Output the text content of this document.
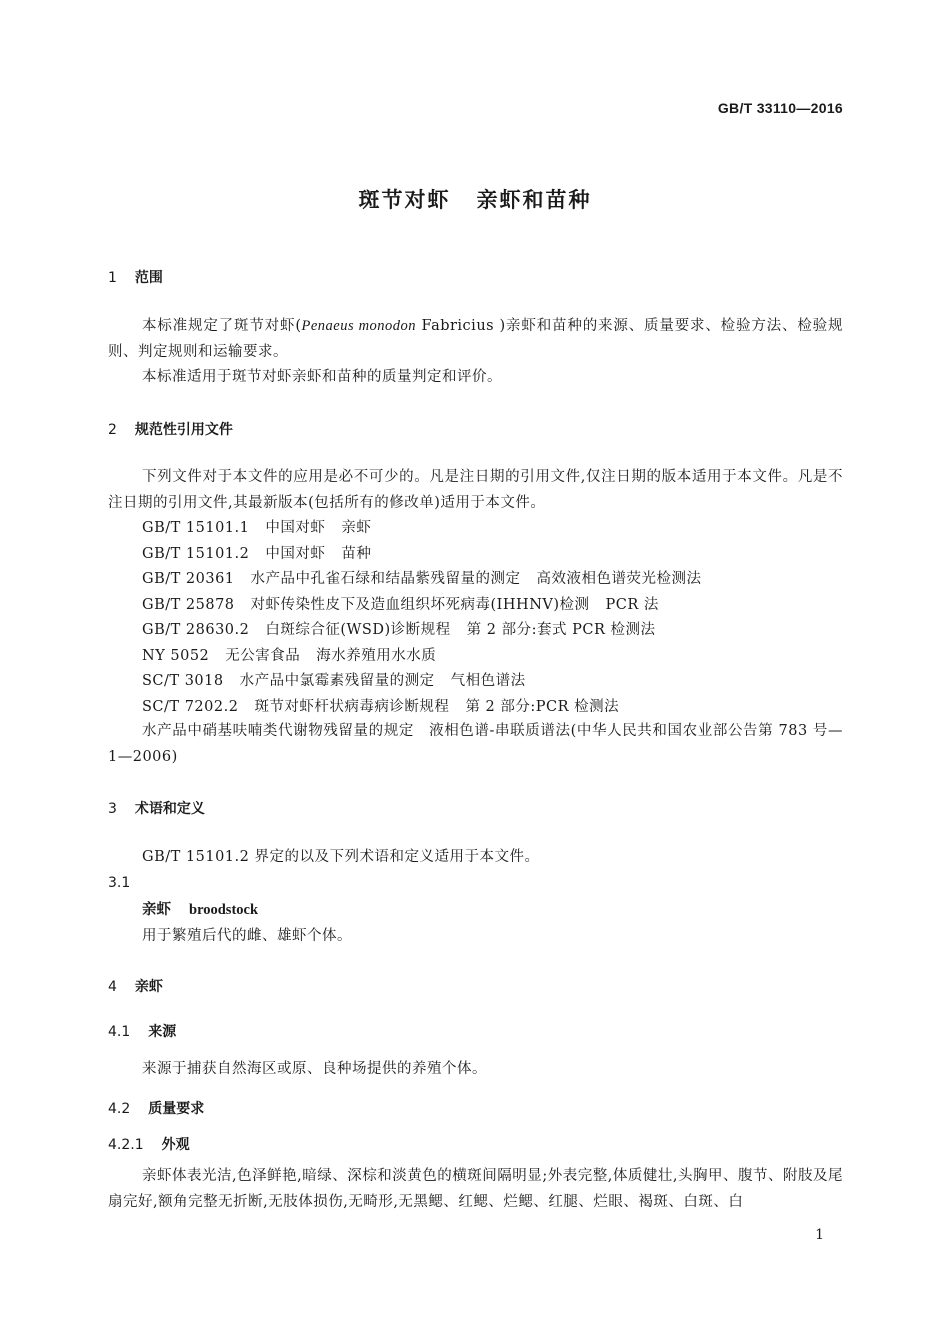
GB/T 33110—2016
斑节对虾 亲虾和苗种
1 范围
本标准规定了斑节对虾(Penaeus monodon Fabricius )亲虾和苗种的来源、质量要求、检验方法、检验规则、判定规则和运输要求。
本标准适用于斑节对虾亲虾和苗种的质量判定和评价。
2 规范性引用文件
下列文件对于本文件的应用是必不可少的。凡是注日期的引用文件,仅注日期的版本适用于本文件。凡是不注日期的引用文件,其最新版本(包括所有的修改单)适用于本文件。
GB/T 15101.1 中国对虾 亲虾
GB/T 15101.2 中国对虾 苗种
GB/T 20361 水产品中孔雀石绿和结晶紫残留量的测定 高效液相色谱荧光检测法
GB/T 25878 对虾传染性皮下及造血组织坏死病毒(IHHNV)检测 PCR 法
GB/T 28630.2 白斑综合征(WSD)诊断规程 第 2 部分:套式 PCR 检测法
NY 5052 无公害食品 海水养殖用水水质
SC/T 3018 水产品中氯霉素残留量的测定 气相色谱法
SC/T 7202.2 斑节对虾杆状病毒病诊断规程 第 2 部分:PCR 检测法
水产品中硝基呋喃类代谢物残留量的规定　液相色谱-串联质谱法(中华人民共和国农业部公告第 783 号—1—2006)
3 术语和定义
GB/T 15101.2 界定的以及下列术语和定义适用于本文件。
3.1
亲虾 broodstock
用于繁殖后代的雌、雄虾个体。
4 亲虾
4.1 来源
来源于捕获自然海区或原、良种场提供的养殖个体。
4.2 质量要求
4.2.1 外观
亲虾体表光洁,色泽鲜艳,暗绿、深棕和淡黄色的横斑间隔明显;外表完整,体质健壮,头胸甲、腹节、附肢及尾扇完好,额角完整无折断,无肢体损伤,无畸形,无黑鳃、红鳃、烂鳃、红腿、烂眼、褐斑、白斑、白
1
